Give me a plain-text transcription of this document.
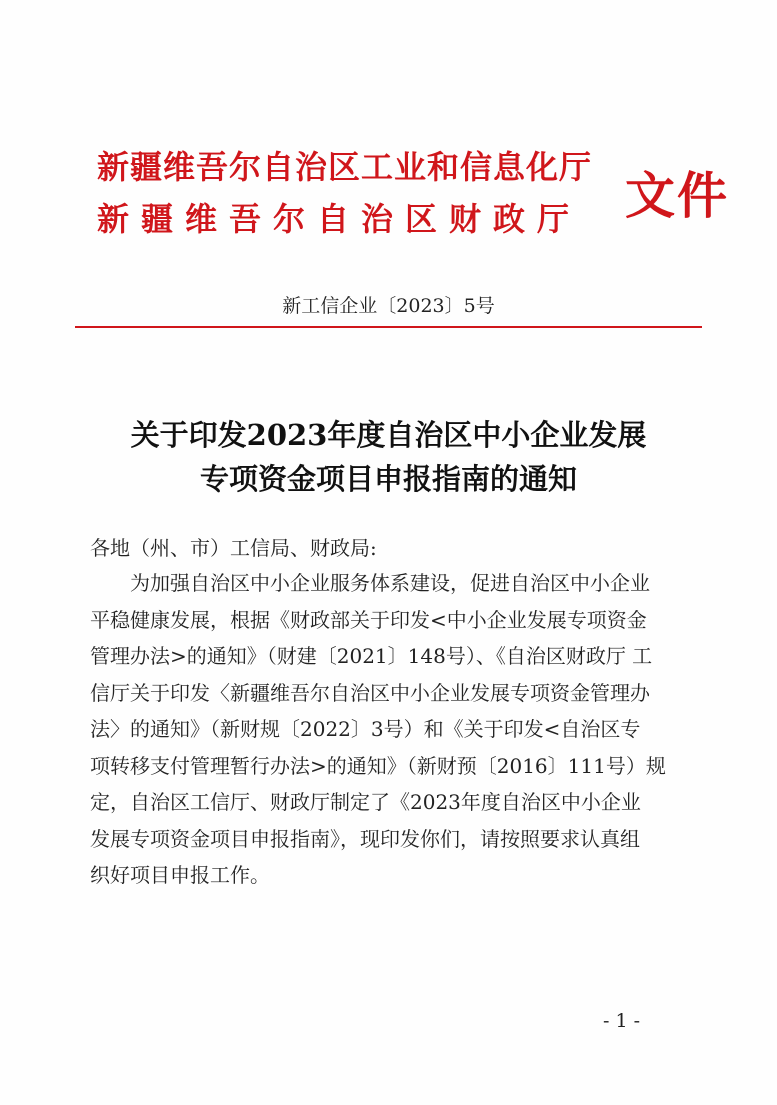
新疆维吾尔自治区工业和信息化厅

新疆维吾尔自治区财政厅 文件

新工信企业〔2023〕5号

关于印发2023年度自治区中小企业发展
专项资金项目申报指南的通知

各地（州、市）工信局、财政局:

为加强自治区中小企业服务体系建设，促进自治区中小企业
平稳健康发展，根据《财政部关于印发<中小企业发展专项资金
管理办法>的通知》（财建〔2021〕148号）、《自治区财政厅 工
信厅关于印发〈新疆维吾尔自治区中小企业发展专项资金管理办
法〉的通知》（新财规〔2022〕3号）和《关于印发<自治区专
项转移支付管理暂行办法>的通知》（新财预〔2016〕111号）规
定，自治区工信厅、财政厅制定了《2023年度自治区中小企业
发展专项资金项目申报指南》，现印发你们，请按照要求认真组
织好项目申报工作。

- 1 -
